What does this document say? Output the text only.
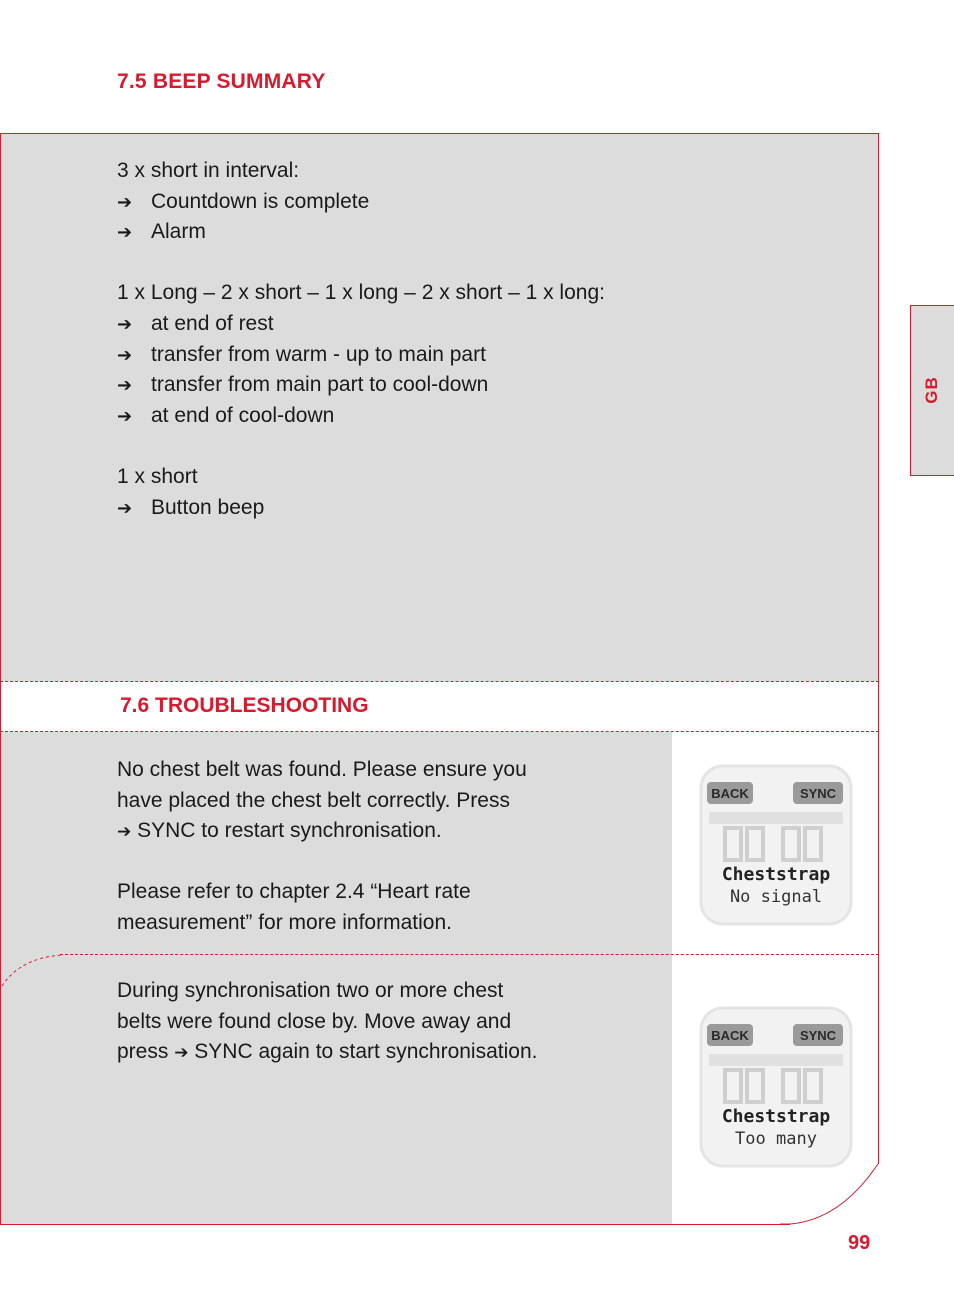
7.5 BEEP SUMMARY
3 x short in interval:
➔ Countdown is complete
➔ Alarm
1 x Long – 2 x short – 1 x long – 2 x short – 1 x long:
➔ at end of rest
➔ transfer from warm - up to main part
➔ transfer from main part to cool-down
➔ at end of cool-down
1 x short
➔ Button beep
7.6 TROUBLESHOOTING
No chest belt was found. Please ensure you
have placed the chest belt correctly. Press
➔ SYNC to restart synchronisation.
Please refer to chapter 2.4 “Heart rate
measurement” for more information.
During synchronisation two or more chest
belts were found close by. Move away and
press ➔ SYNC again to start synchronisation.
BACK	SYNC
Cheststrap
No signal
BACK	SYNC
Cheststrap
Too many
GB
99
